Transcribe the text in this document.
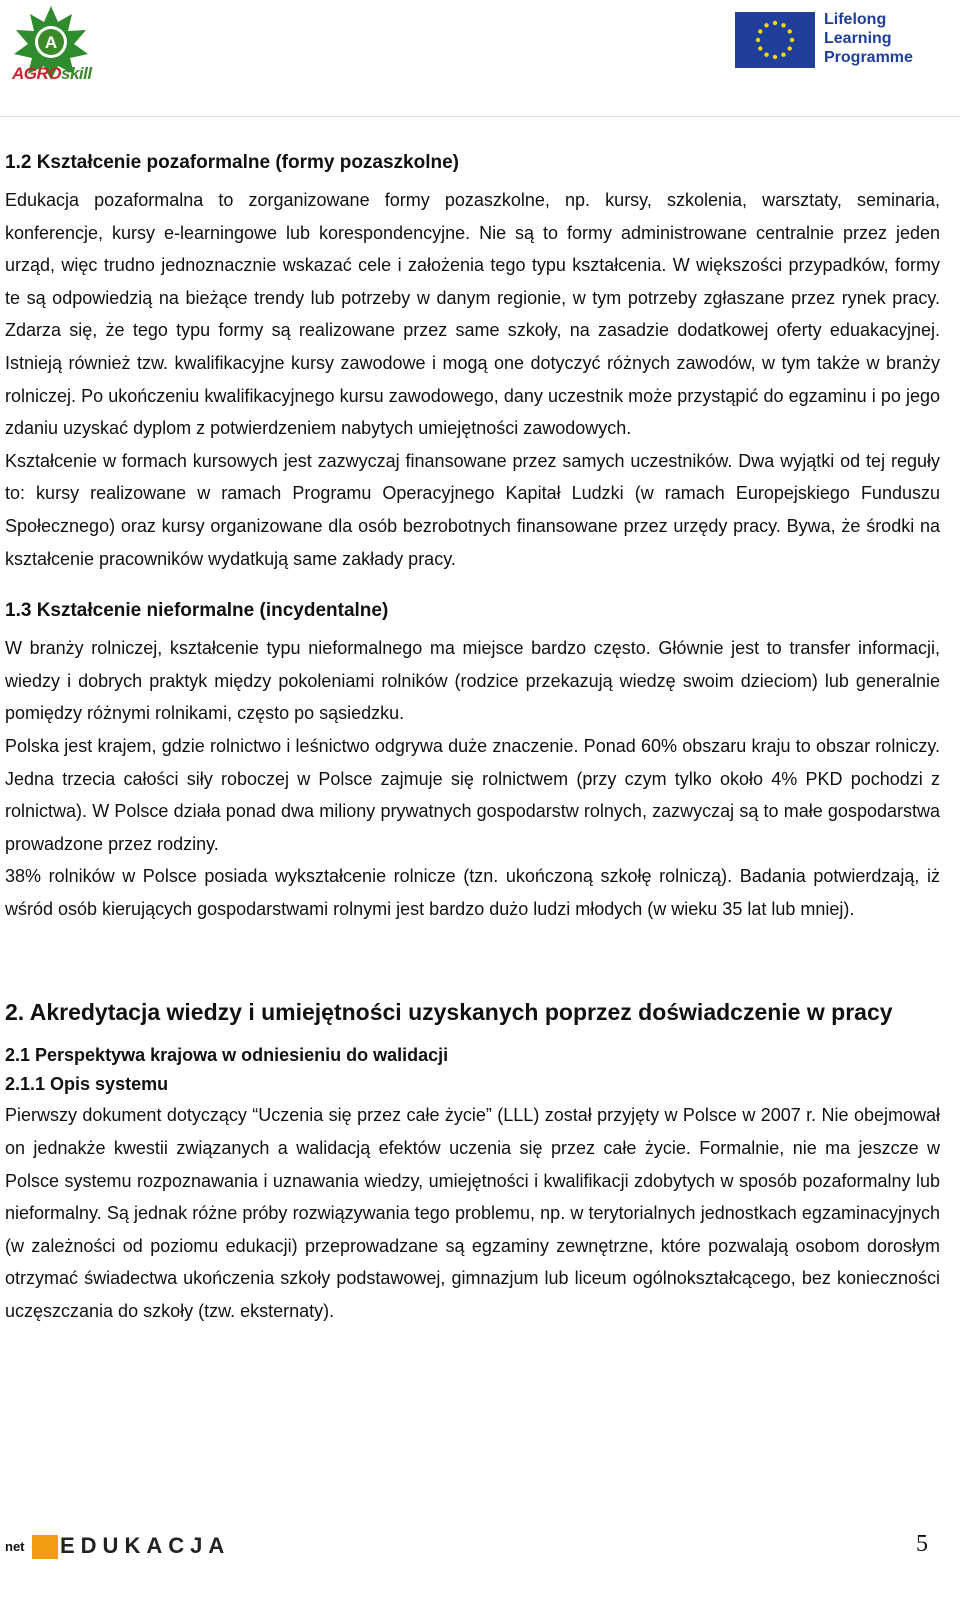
A
AGROskill
Lifelong
Learning
Programme
1.2 Kształcenie pozaformalne (formy pozaszkolne)

Edukacja pozaformalna to zorganizowane formy pozaszkolne, np. kursy, szkolenia, warsztaty, seminaria, konferencje, kursy e-learningowe lub korespondencyjne. Nie są to formy administrowane centralnie przez jeden urząd, więc trudno jednoznacznie wskazać cele i założenia tego typu kształcenia. W większości przypadków, formy te są odpowiedzią na bieżące trendy lub potrzeby w danym regionie, w tym potrzeby zgłaszane przez rynek pracy. Zdarza się, że tego typu formy są realizowane przez same szkoły, na zasadzie dodatkowej oferty eduakacyjnej. Istnieją również tzw. kwalifikacyjne kursy zawodowe i mogą one dotyczyć różnych zawodów, w tym także w branży rolniczej. Po ukończeniu kwalifikacyjnego kursu zawodowego, dany uczestnik może przystąpić do egzaminu i po jego zdaniu uzyskać dyplom z potwierdzeniem nabytych umiejętności zawodowych.

Kształcenie w formach kursowych jest zazwyczaj finansowane przez samych uczestników. Dwa wyjątki od tej reguły to: kursy realizowane w ramach Programu Operacyjnego Kapitał Ludzki (w ramach Europejskiego Funduszu Społecznego) oraz kursy organizowane dla osób bezrobotnych finansowane przez urzędy pracy. Bywa, że środki na kształcenie pracowników wydatkują same zakłady pracy.

1.3 Kształcenie nieformalne (incydentalne)

W branży rolniczej, kształcenie typu nieformalnego ma miejsce bardzo często. Głównie jest to transfer informacji, wiedzy i dobrych praktyk między pokoleniami rolników (rodzice przekazują wiedzę swoim dzieciom) lub generalnie pomiędzy różnymi rolnikami, często po sąsiedzku.

Polska jest krajem, gdzie rolnictwo i leśnictwo odgrywa duże znaczenie. Ponad 60% obszaru kraju to obszar rolniczy. Jedna trzecia całości siły roboczej w Polsce zajmuje się rolnictwem (przy czym tylko około 4% PKD pochodzi z rolnictwa). W Polsce działa ponad dwa miliony prywatnych gospodarstw rolnych, zazwyczaj są to małe gospodarstwa prowadzone przez rodziny.

38% rolników w Polsce posiada wykształcenie rolnicze (tzn. ukończoną szkołę rolniczą). Badania potwierdzają, iż wśród osób kierujących gospodarstwami rolnymi jest bardzo dużo ludzi młodych (w wieku 35 lat lub mniej).

2. Akredytacja wiedzy i umiejętności uzyskanych poprzez doświadczenie w pracy
2.1 Perspektywa krajowa w odniesieniu do walidacji
2.1.1 Opis systemu

Pierwszy dokument dotyczący “Uczenia się przez całe życie” (LLL) został przyjęty w Polsce w 2007 r. Nie obejmował on jednakże kwestii związanych a walidacją efektów uczenia się przez całe życie. Formalnie, nie ma jeszcze w Polsce systemu rozpoznawania i uznawania wiedzy, umiejętności i kwalifikacji zdobytych w sposób pozaformalny lub nieformalny. Są jednak różne próby rozwiązywania tego problemu, np. w terytorialnych jednostkach egzaminacyjnych (w zależności od poziomu edukacji) przeprowadzane są egzaminy zewnętrzne, które pozwalają osobom dorosłym otrzymać świadectwa ukończenia szkoły podstawowej, gimnazjum lub liceum ogólnokształcącego, bez konieczności uczęszczania do szkoły (tzw. eksternaty).

net EDUKACJA	5
